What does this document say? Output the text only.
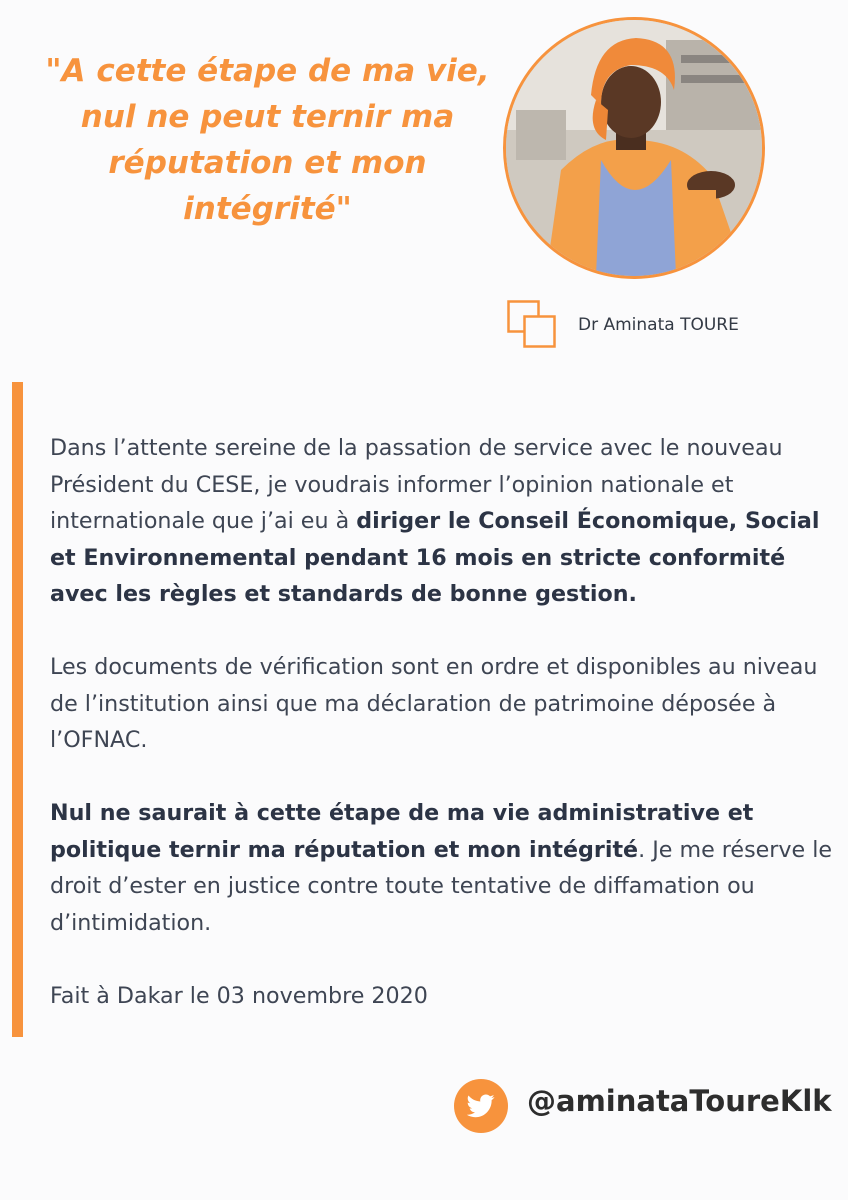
"A cette étape de ma vie,
nul ne peut ternir ma
réputation et mon
intégrité"
Dr Aminata TOURE

Dans l’attente sereine de la passation de service avec le nouveau Président du CESE, je voudrais informer l’opinion nationale et internationale que j’ai eu à diriger le Conseil Économique, Social et Environnemental pendant 16 mois en stricte conformité avec les règles et standards de bonne gestion.

Les documents de vérification sont en ordre et disponibles au niveau de l’institution ainsi que ma déclaration de patrimoine déposée à l’OFNAC.

Nul ne saurait à cette étape de ma vie administrative et politique ternir ma réputation et mon intégrité. Je me réserve le droit d’ester en justice contre toute tentative de diffamation ou d’intimidation.

Fait à Dakar le 03 novembre 2020

@aminataToureKlk
